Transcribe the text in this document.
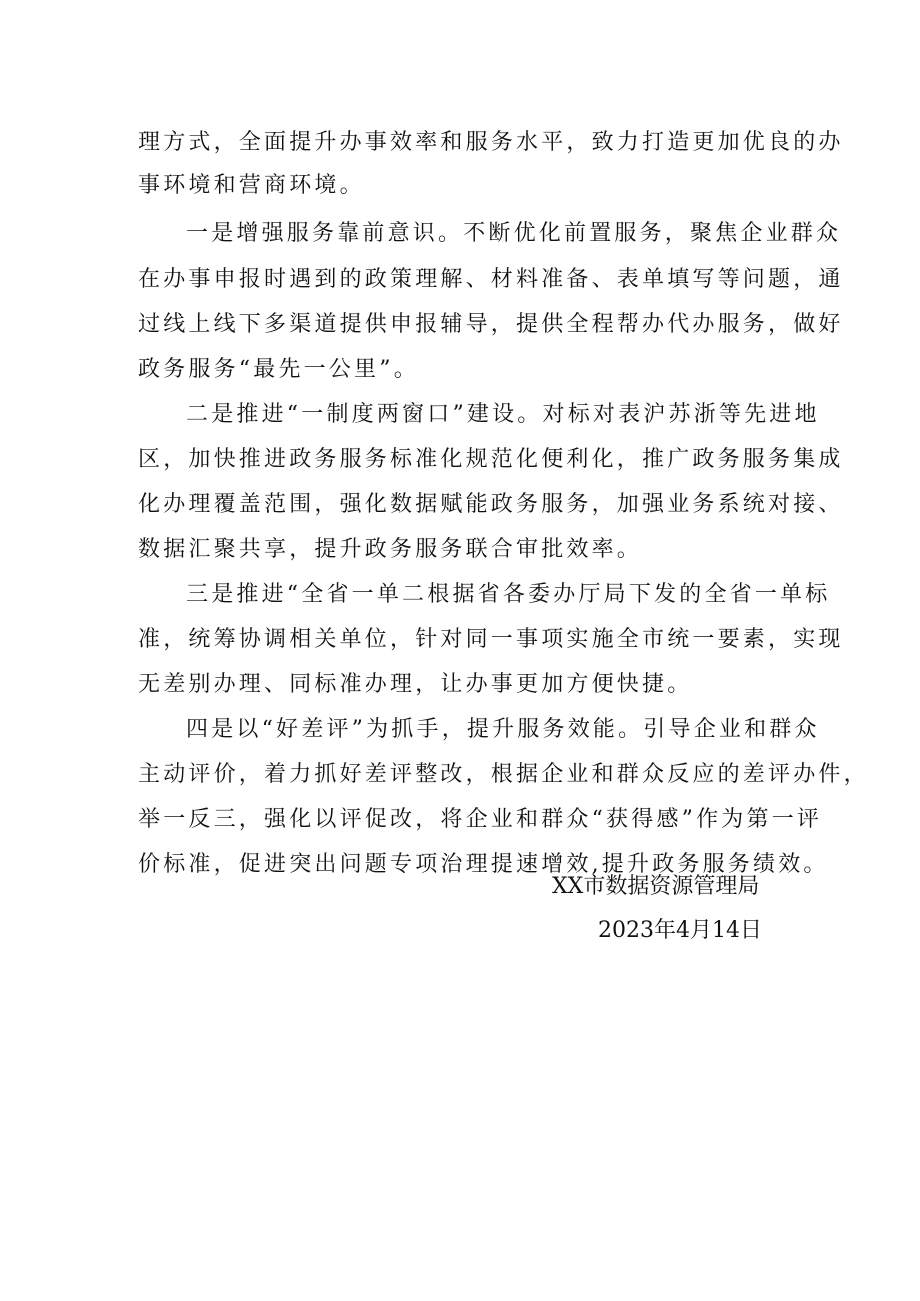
理方式，全面提升办事效率和服务水平，致力打造更加优良的办
事环境和营商环境。
一是增强服务靠前意识。不断优化前置服务，聚焦企业群众
在办事申报时遇到的政策理解、材料准备、表单填写等问题，通
过线上线下多渠道提供申报辅导，提供全程帮办代办服务，做好
政务服务“最先一公里”。
二是推进“一制度两窗口”建设。对标对表沪苏浙等先进地
区，加快推进政务服务标准化规范化便利化，推广政务服务集成
化办理覆盖范围，强化数据赋能政务服务，加强业务系统对接、
数据汇聚共享，提升政务服务联合审批效率。
三是推进“全省一单二根据省各委办厅局下发的全省一单标
准，统筹协调相关单位，针对同一事项实施全市统一要素，实现
无差别办理、同标准办理，让办事更加方便快捷。
四是以“好差评”为抓手，提升服务效能。引导企业和群众
主动评价，着力抓好差评整改，根据企业和群众反应的差评办件，
举一反三，强化以评促改，将企业和群众“获得感”作为第一评
价标准，促进突出问题专项治理提速增效,提升政务服务绩效。
XX市数据资源管理局
2023年4月14日
